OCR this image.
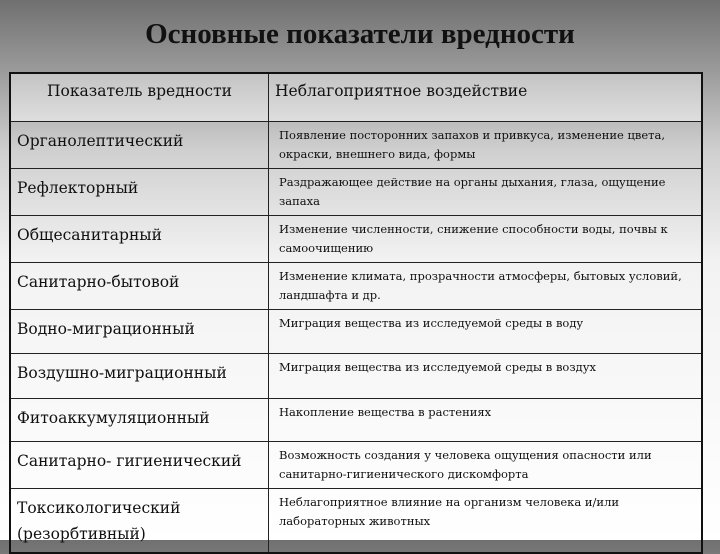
Основные показатели вредности
Показатель вредности	Неблагоприятное воздействие
Органолептический	Появление посторонних запахов и привкуса, изменение цвета, окраски, внешнего вида, формы
Рефлекторный	Раздражающее действие на органы дыхания, глаза, ощущение запаха
Общесанитарный	Изменение численности, снижение способности воды, почвы к самоочищению
Санитарно-бытовой	Изменение климата, прозрачности атмосферы, бытовых условий, ландшафта и др.
Водно-миграционный	Миграция вещества из исследуемой среды в воду
Воздушно-миграционный	Миграция вещества из исследуемой среды в воздух
Фитоаккумуляционный	Накопление вещества в растениях
Санитарно- гигиенический	Возможность создания у человека ощущения опасности или санитарно-гигиенического дискомфорта
Токсикологический (резорбтивный)	Неблагоприятное влияние на организм человека и/или лабораторных животных
